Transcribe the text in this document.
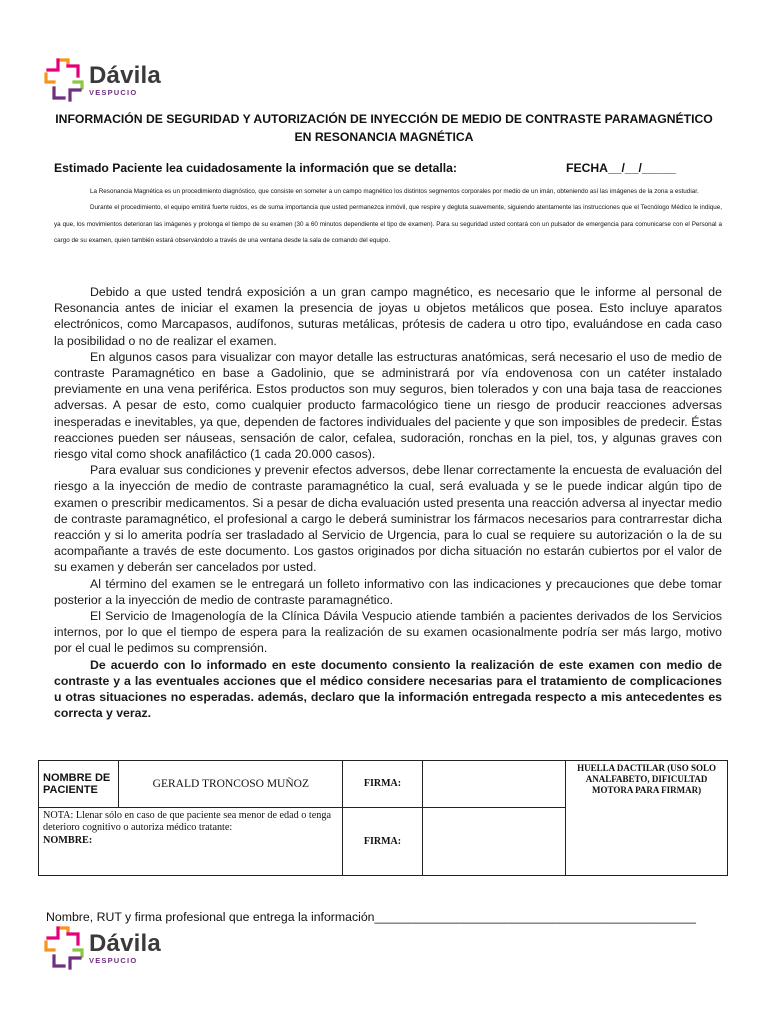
Dávila
VESPUCIO
INFORMACIÓN DE SEGURIDAD Y AUTORIZACIÓN DE INYECCIÓN DE MEDIO DE CONTRASTE PARAMAGNÉTICO
EN RESONANCIA MAGNÉTICA
Estimado Paciente lea cuidadosamente la información que se detalla:	FECHA__/__/_____

La Resonancia Magnética es un procedimiento diagnóstico, que consiste en someter a un campo magnético los distintos segmentos corporales por medio de un imán, obteniendo así las imágenes de la zona a estudiar.

Durante el procedimiento, el equipo emitirá fuerte ruidos, es de suma importancia que usted permanezca inmóvil, que respire y degluta suavemente, siguiendo atentamente las instrucciones que el Tecnólogo Médico le indique, ya que, los movimientos deterioran las imágenes y prolonga el tiempo de su examen (30 a 60 minutos dependiente el tipo de examen). Para su seguridad usted contará con un pulsador de emergencia para comunicarse con el Personal a cargo de su examen, quien también estará observándolo a través de una ventana desde la sala de comando del equipo.

Debido a que usted tendrá exposición a un gran campo magnético, es necesario que le informe al personal de Resonancia antes de iniciar el examen la presencia de joyas u objetos metálicos que posea. Esto incluye aparatos electrónicos, como Marcapasos, audífonos, suturas metálicas, prótesis de cadera u otro tipo, evaluándose en cada caso la posibilidad o no de realizar el examen.

En algunos casos para visualizar con mayor detalle las estructuras anatómicas, será necesario el uso de medio de contraste Paramagnético en base a Gadolinio, que se administrará por vía endovenosa con un catéter instalado previamente en una vena periférica. Estos productos son muy seguros, bien tolerados y con una baja tasa de reacciones adversas. A pesar de esto, como cualquier producto farmacológico tiene un riesgo de producir reacciones adversas inesperadas e inevitables, ya que, dependen de factores individuales del paciente y que son imposibles de predecir. Éstas reacciones pueden ser náuseas, sensación de calor, cefalea, sudoración, ronchas en la piel, tos, y algunas graves con riesgo vital como shock anafiláctico (1 cada 20.000 casos).

Para evaluar sus condiciones y prevenir efectos adversos, debe llenar correctamente la encuesta de evaluación del riesgo a la inyección de medio de contraste paramagnético la cual, será evaluada y se le puede indicar algún tipo de examen o prescribir medicamentos. Si a pesar de dicha evaluación usted presenta una reacción adversa al inyectar medio de contraste paramagnético, el profesional a cargo le deberá suministrar los fármacos necesarios para contrarrestar dicha reacción y si lo amerita podría ser trasladado al Servicio de Urgencia, para lo cual se requiere su autorización o la de su acompañante a través de este documento. Los gastos originados por dicha situación no estarán cubiertos por el valor de su examen y deberán ser cancelados por usted.

Al término del examen se le entregará un folleto informativo con las indicaciones y precauciones que debe tomar posterior a la inyección de medio de contraste paramagnético.

El Servicio de Imagenología de la Clínica Dávila Vespucio atiende también a pacientes derivados de los Servicios internos, por lo que el tiempo de espera para la realización de su examen ocasionalmente podría ser más largo, motivo por el cual le pedimos su comprensión.

De acuerdo con lo informado en este documento consiento la realización de este examen con medio de contraste y a las eventuales acciones que el médico considere necesarias para el tratamiento de complicaciones u otras situaciones no esperadas. además, declaro que la información entregada respecto a mis antecedentes es correcta y veraz.

NOMBRE DE PACIENTE	GERALD TRONCOSO MUÑOZ	FIRMA:		HUELLA DACTILAR (USO SOLO ANALFABETO, DIFICULTAD MOTORA PARA FIRMAR)
NOTA: Llenar sólo en caso de que paciente sea menor de edad o tenga deterioro cognitivo o autoriza médico tratante:
NOMBRE:		FIRMA:		
Nombre, RUT y firma profesional que entrega la información_______________________________________________
Dávila
VESPUCIO
